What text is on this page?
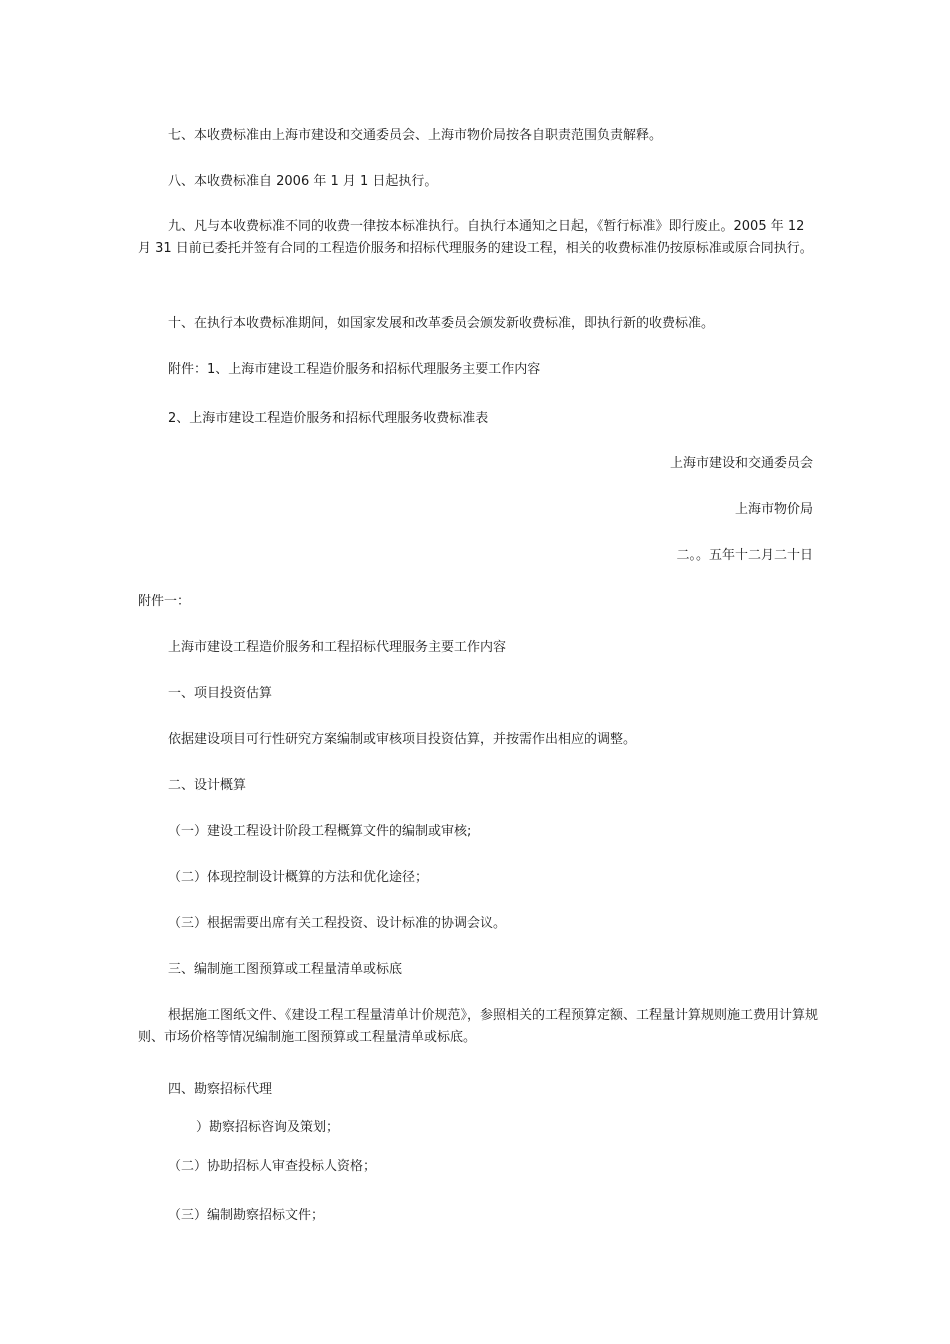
七、本收费标准由上海市建设和交通委员会、上海市物价局按各自职责范围负责解释。
八、本收费标准自 2006 年 1 月 1 日起执行。
九、凡与本收费标准不同的收费一律按本标准执行。自执行本通知之日起，《暂行标准》即行废止。2005 年 12 月 31 日前已委托并签有合同的工程造价服务和招标代理服务的建设工程，相关的收费标准仍按原标准或原合同执行。
十、在执行本收费标准期间，如国家发展和改革委员会颁发新收费标准，即执行新的收费标准。
附件：1、上海市建设工程造价服务和招标代理服务主要工作内容
2、上海市建设工程造价服务和招标代理服务收费标准表
上海市建设和交通委员会
上海市物价局
二。。五年十二月二十日
附件一：
上海市建设工程造价服务和工程招标代理服务主要工作内容
一、项目投资估算
依据建设项目可行性研究方案编制或审核项目投资估算，并按需作出相应的调整。
二、设计概算
（一）建设工程设计阶段工程概算文件的编制或审核;
（二）体现控制设计概算的方法和优化途径；
（三）根据需要出席有关工程投资、设计标准的协调会议。
三、编制施工图预算或工程量清单或标底
根据施工图纸文件、《建设工程工程量清单计价规范》，参照相关的工程预算定额、工程量计算规则施工费用计算规则、市场价格等情况编制施工图预算或工程量清单或标底。
四、勘察招标代理
）勘察招标咨询及策划；
（二）协助招标人审查投标人资格；
（三）编制勘察招标文件；
